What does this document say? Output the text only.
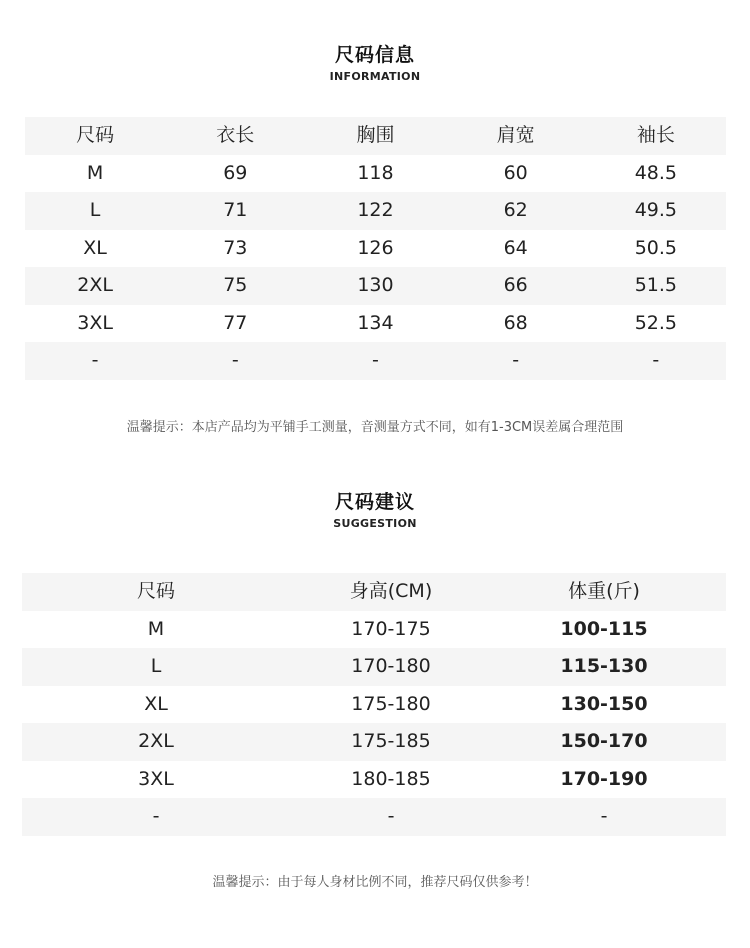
尺码信息
INFORMATION
尺码	衣长	胸围	肩宽	袖长
M	69	118	60	48.5
L	71	122	62	49.5
XL	73	126	64	50.5
2XL	75	130	66	51.5
3XL	77	134	68	52.5
-	-	-	-	-
温馨提示：本店产品均为平铺手工测量，音测量方式不同，如有1-3CM误差属合理范围
尺码建议
SUGGESTION
尺码	身高(CM)	体重(斤)
M	170-175	100-115
L	170-180	115-130
XL	175-180	130-150
2XL	175-185	150-170
3XL	180-185	170-190
-	-	-
温馨提示：由于每人身材比例不同，推荐尺码仅供参考！
